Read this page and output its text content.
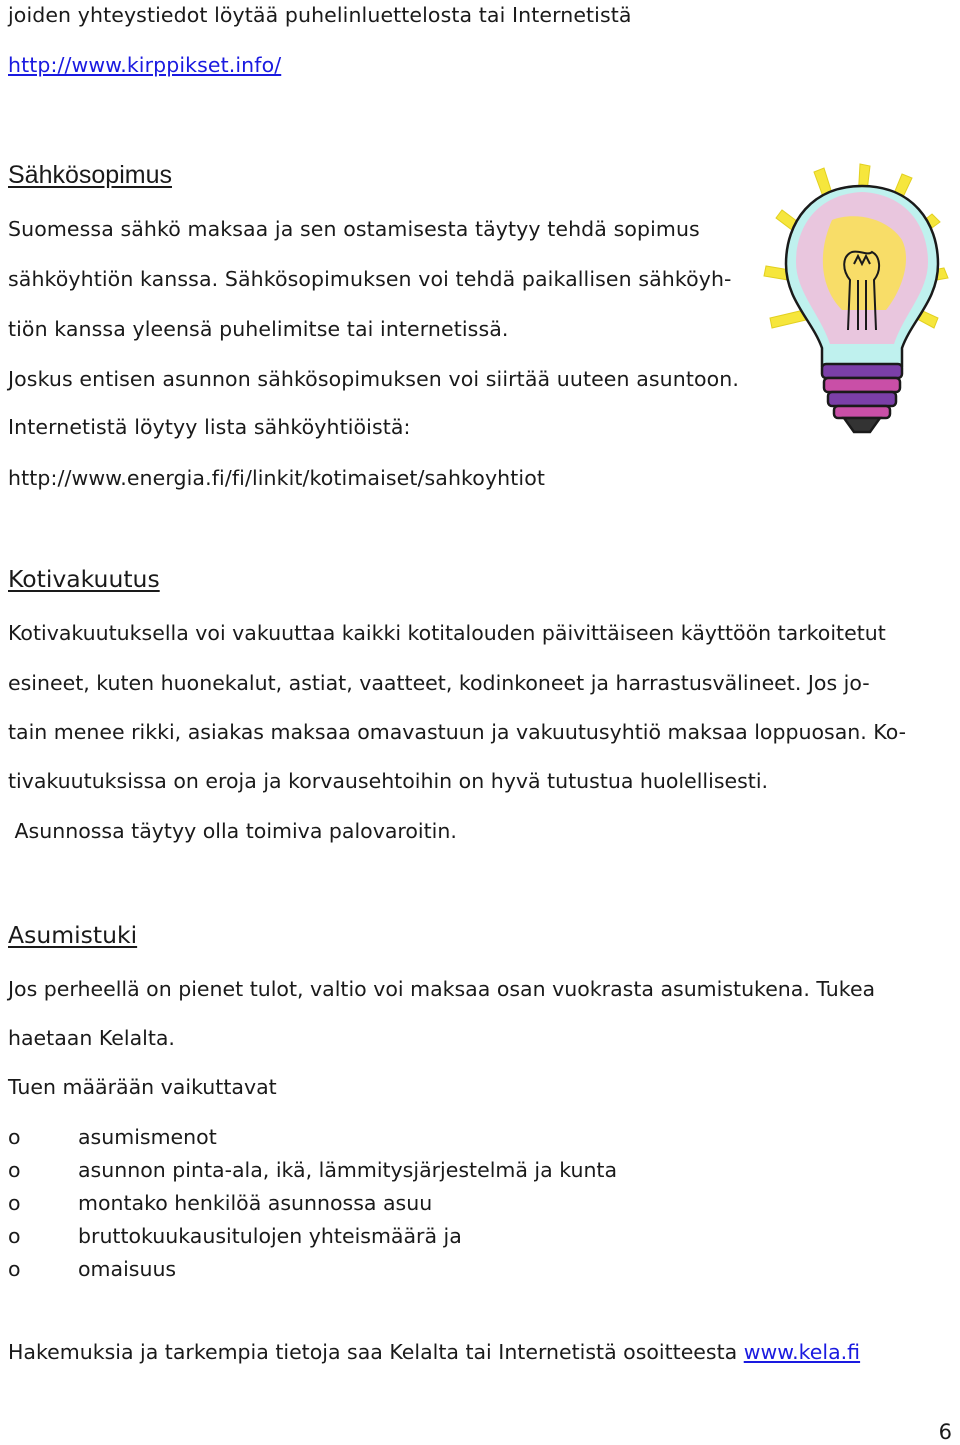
joiden yhteystiedot löytää puhelinluettelosta tai Internetistä
http://www.kirppikset.info/
Sähkösopimus
Suomessa sähkö maksaa ja sen ostamisesta täytyy tehdä sopimus
sähköyhtiön kanssa. Sähkösopimuksen voi tehdä paikallisen sähköyh-
tiön kanssa yleensä puhelimitse tai internetissä.
Joskus entisen asunnon sähkösopimuksen voi siirtää uuteen asuntoon.
Internetistä löytyy lista sähköyhtiöistä:
http://www.energia.fi/fi/linkit/kotimaiset/sahkoyhtiot
Kotivakuutus
Kotivakuutuksella voi vakuuttaa kaikki kotitalouden päivittäiseen käyttöön tarkoitetut
esineet, kuten huonekalut, astiat, vaatteet, kodinkoneet ja harrastusvälineet. Jos jo-
tain menee rikki, asiakas maksaa omavastuun ja vakuutusyhtiö maksaa loppuosan. Ko-
tivakuutuksissa on eroja ja korvausehtoihin on hyvä tutustua huolellisesti.
Asunnossa täytyy olla toimiva palovaroitin.
Asumistuki
Jos perheellä on pienet tulot, valtio voi maksaa osan vuokrasta asumistukena. Tukea
haetaan Kelalta.
Tuen määrään vaikuttavat
o	asumismenot
o	asunnon pinta-ala, ikä, lämmitysjärjestelmä ja kunta
o	montako henkilöä asunnossa asuu
o	bruttokuukausitulojen yhteismäärä ja
o	omaisuus
Hakemuksia ja tarkempia tietoja saa Kelalta tai Internetistä osoitteesta www.kela.fi
6
